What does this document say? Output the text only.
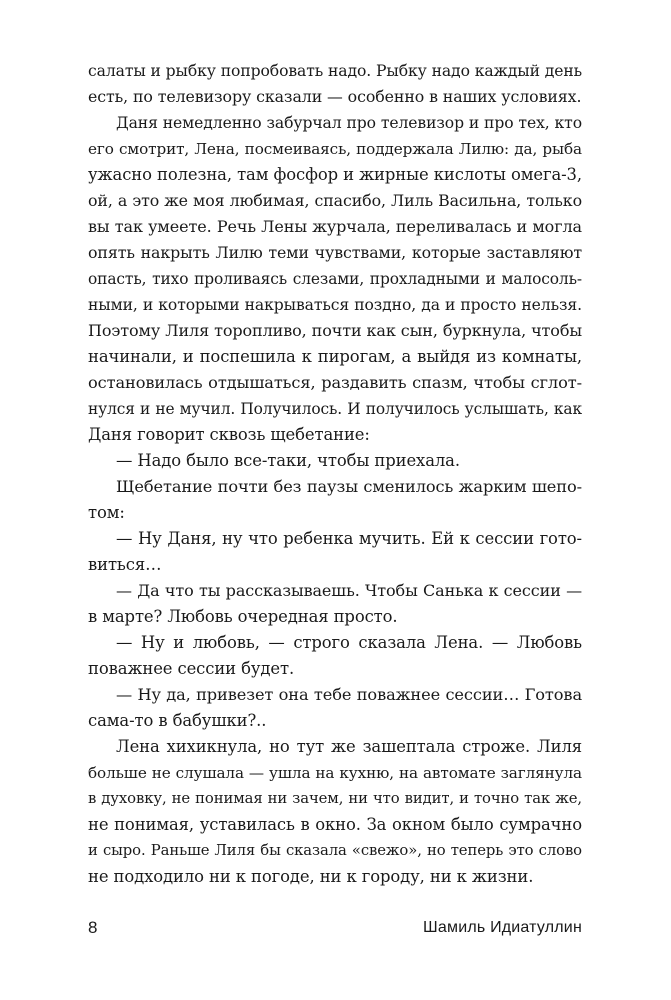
салаты и рыбку попробовать надо. Рыбку надо каждый день
есть, по телевизору сказали — особенно в наших условиях.
Даня немедленно забурчал про телевизор и про тех, кто
его смотрит, Лена, посмеиваясь, поддержала Лилю: да, рыба
ужасно полезна, там фосфор и жирные кислоты омега-3,
ой, а это же моя любимая, спасибо, Лиль Васильна, только
вы так умеете. Речь Лены журчала, переливалась и могла
опять накрыть Лилю теми чувствами, которые заставляют
опасть, тихо проливаясь слезами, прохладными и малосоль-
ными, и которыми накрываться поздно, да и просто нельзя.
Поэтому Лиля торопливо, почти как сын, буркнула, чтобы
начинали, и поспешила к пирогам, а выйдя из комнаты,
остановилась отдышаться, раздавить спазм, чтобы сглот-
нулся и не мучил. Получилось. И получилось услышать, как
Даня говорит сквозь щебетание:
— Надо было все-таки, чтобы приехала.
Щебетание почти без паузы сменилось жарким шепо-
том:
— Ну Даня, ну что ребенка мучить. Ей к сессии гото-
виться…
— Да что ты рассказываешь. Чтобы Санька к сессии —
в марте? Любовь очередная просто.
— Ну и любовь, — строго сказала Лена. — Любовь
поважнее сессии будет.
— Ну да, привезет она тебе поважнее сессии… Готова
сама-то в бабушки?..
Лена хихикнула, но тут же зашептала строже. Лиля
больше не слушала — ушла на кухню, на автомате заглянула
в духовку, не понимая ни зачем, ни что видит, и точно так же,
не понимая, уставилась в окно. За окном было сумрачно
и сыро. Раньше Лиля бы сказала «свежо», но теперь это слово
не подходило ни к погоде, ни к городу, ни к жизни.
8	Шамиль Идиатуллин
